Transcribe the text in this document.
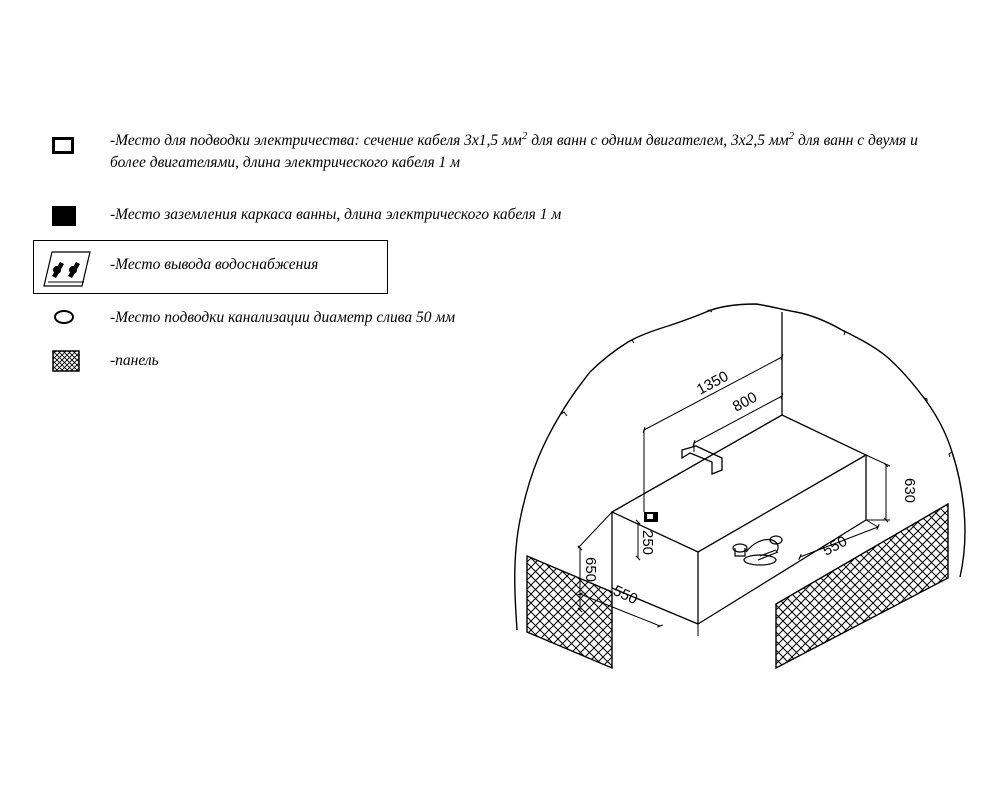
-Место для подводки электричества: сечение кабеля 3х1,5 $мм^2$ для ванн с одним двигателем, 3х2,5 $мм^2$ для ванн с двумя и
более двигателями, длина электрического кабеля 1 м
-Место заземления каркаса ванны, длина электрического кабеля 1 м
-Место вывода водоснабжения
-Место подводки канализации диаметр слива 50 мм
-панель
1350
800
630
550
550
650
250
